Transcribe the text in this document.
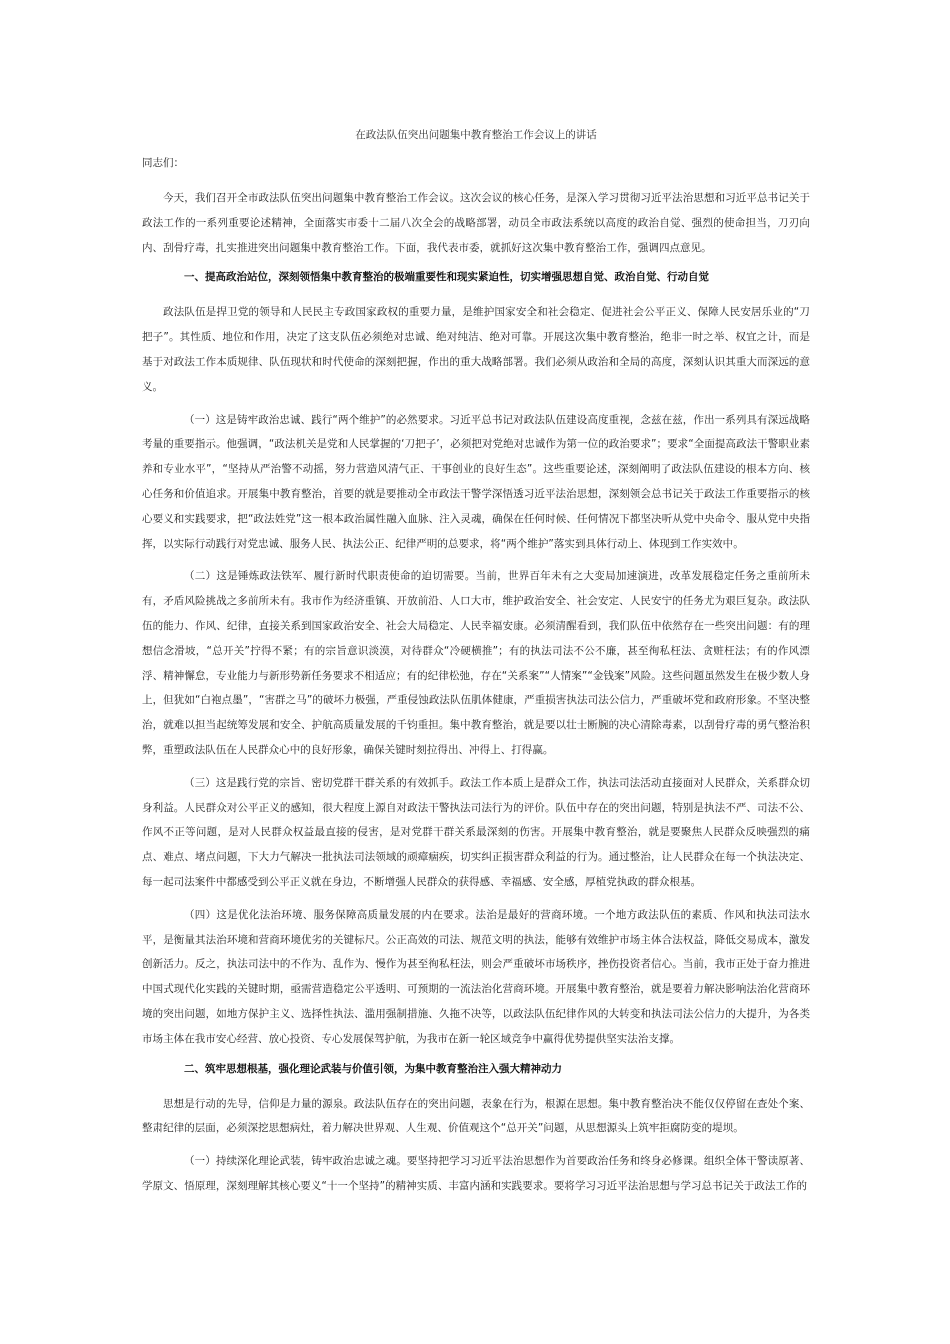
在政法队伍突出问题集中教育整治工作会议上的讲话
同志们：

今天，我们召开全市政法队伍突出问题集中教育整治工作会议。这次会议的核心任务，是深入学习贯彻习近平法治思想和习近平总书记关于政法工作的一系列重要论述精神，全面落实市委十二届八次全会的战略部署，动员全市政法系统以高度的政治自觉、强烈的使命担当，刀刃向内、刮骨疗毒，扎实推进突出问题集中教育整治工作。下面，我代表市委，就抓好这次集中教育整治工作，强调四点意见。

一、提高政治站位，深刻领悟集中教育整治的极端重要性和现实紧迫性，切实增强思想自觉、政治自觉、行动自觉

政法队伍是捍卫党的领导和人民民主专政国家政权的重要力量，是维护国家安全和社会稳定、促进社会公平正义、保障人民安居乐业的“刀把子”。其性质、地位和作用，决定了这支队伍必须绝对忠诚、绝对纯洁、绝对可靠。开展这次集中教育整治，绝非一时之举、权宜之计，而是基于对政法工作本质规律、队伍现状和时代使命的深刻把握，作出的重大战略部署。我们必须从政治和全局的高度，深刻认识其重大而深远的意义。

（一）这是铸牢政治忠诚、践行“两个维护”的必然要求。习近平总书记对政法队伍建设高度重视，念兹在兹，作出一系列具有深远战略考量的重要指示。他强调，“政法机关是党和人民掌握的‘刀把子’，必须把对党绝对忠诚作为第一位的政治要求”；要求“全面提高政法干警职业素养和专业水平”，“坚持从严治警不动摇，努力营造风清气正、干事创业的良好生态”。这些重要论述，深刻阐明了政法队伍建设的根本方向、核心任务和价值追求。开展集中教育整治，首要的就是要推动全市政法干警学深悟透习近平法治思想，深刻领会总书记关于政法工作重要指示的核心要义和实践要求，把“政法姓党”这一根本政治属性融入血脉、注入灵魂，确保在任何时候、任何情况下都坚决听从党中央命令、服从党中央指挥，以实际行动践行对党忠诚、服务人民、执法公正、纪律严明的总要求，将“两个维护”落实到具体行动上、体现到工作实效中。

（二）这是锤炼政法铁军、履行新时代职责使命的迫切需要。当前，世界百年未有之大变局加速演进，改革发展稳定任务之重前所未有，矛盾风险挑战之多前所未有。我市作为经济重镇、开放前沿、人口大市，维护政治安全、社会安定、人民安宁的任务尤为艰巨复杂。政法队伍的能力、作风、纪律，直接关系到国家政治安全、社会大局稳定、人民幸福安康。必须清醒看到，我们队伍中依然存在一些突出问题：有的理想信念滑坡，“总开关”拧得不紧；有的宗旨意识淡漠，对待群众“冷硬横推”；有的执法司法不公不廉，甚至徇私枉法、贪赃枉法；有的作风漂浮、精神懈怠，专业能力与新形势新任务要求不相适应；有的纪律松弛，存在“关系案”“人情案”“金钱案”风险。这些问题虽然发生在极少数人身上，但犹如“白袍点墨”，“害群之马”的破坏力极强，严重侵蚀政法队伍肌体健康，严重损害执法司法公信力，严重破坏党和政府形象。不坚决整治，就难以担当起统筹发展和安全、护航高质量发展的千钧重担。集中教育整治，就是要以壮士断腕的决心清除毒素，以刮骨疗毒的勇气整治积弊，重塑政法队伍在人民群众心中的良好形象，确保关键时刻拉得出、冲得上、打得赢。

（三）这是践行党的宗旨、密切党群干群关系的有效抓手。政法工作本质上是群众工作，执法司法活动直接面对人民群众，关系群众切身利益。人民群众对公平正义的感知，很大程度上源自对政法干警执法司法行为的评价。队伍中存在的突出问题，特别是执法不严、司法不公、作风不正等问题，是对人民群众权益最直接的侵害，是对党群干群关系最深刻的伤害。开展集中教育整治，就是要聚焦人民群众反映强烈的痛点、难点、堵点问题，下大力气解决一批执法司法领域的顽瘴痼疾，切实纠正损害群众利益的行为。通过整治，让人民群众在每一个执法决定、每一起司法案件中都感受到公平正义就在身边，不断增强人民群众的获得感、幸福感、安全感，厚植党执政的群众根基。

（四）这是优化法治环境、服务保障高质量发展的内在要求。法治是最好的营商环境。一个地方政法队伍的素质、作风和执法司法水平，是衡量其法治环境和营商环境优劣的关键标尺。公正高效的司法、规范文明的执法，能够有效维护市场主体合法权益，降低交易成本，激发创新活力。反之，执法司法中的不作为、乱作为、慢作为甚至徇私枉法，则会严重破坏市场秩序，挫伤投资者信心。当前，我市正处于奋力推进中国式现代化实践的关键时期，亟需营造稳定公平透明、可预期的一流法治化营商环境。开展集中教育整治，就是要着力解决影响法治化营商环境的突出问题，如地方保护主义、选择性执法、滥用强制措施、久拖不决等，以政法队伍纪律作风的大转变和执法司法公信力的大提升，为各类市场主体在我市安心经营、放心投资、专心发展保驾护航，为我市在新一轮区域竞争中赢得优势提供坚实法治支撑。

二、筑牢思想根基，强化理论武装与价值引领，为集中教育整治注入强大精神动力

思想是行动的先导，信仰是力量的源泉。政法队伍存在的突出问题，表象在行为，根源在思想。集中教育整治决不能仅仅停留在查处个案、整肃纪律的层面，必须深挖思想病灶，着力解决世界观、人生观、价值观这个“总开关”问题，从思想源头上筑牢拒腐防变的堤坝。

（一）持续深化理论武装，铸牢政治忠诚之魂。要坚持把学习习近平法治思想作为首要政治任务和终身必修课。组织全体干警读原著、学原文、悟原理，深刻理解其核心要义“十一个坚持”的精神实质、丰富内涵和实践要求。要将学习习近平法治思想与学习总书记关于政法工作的
